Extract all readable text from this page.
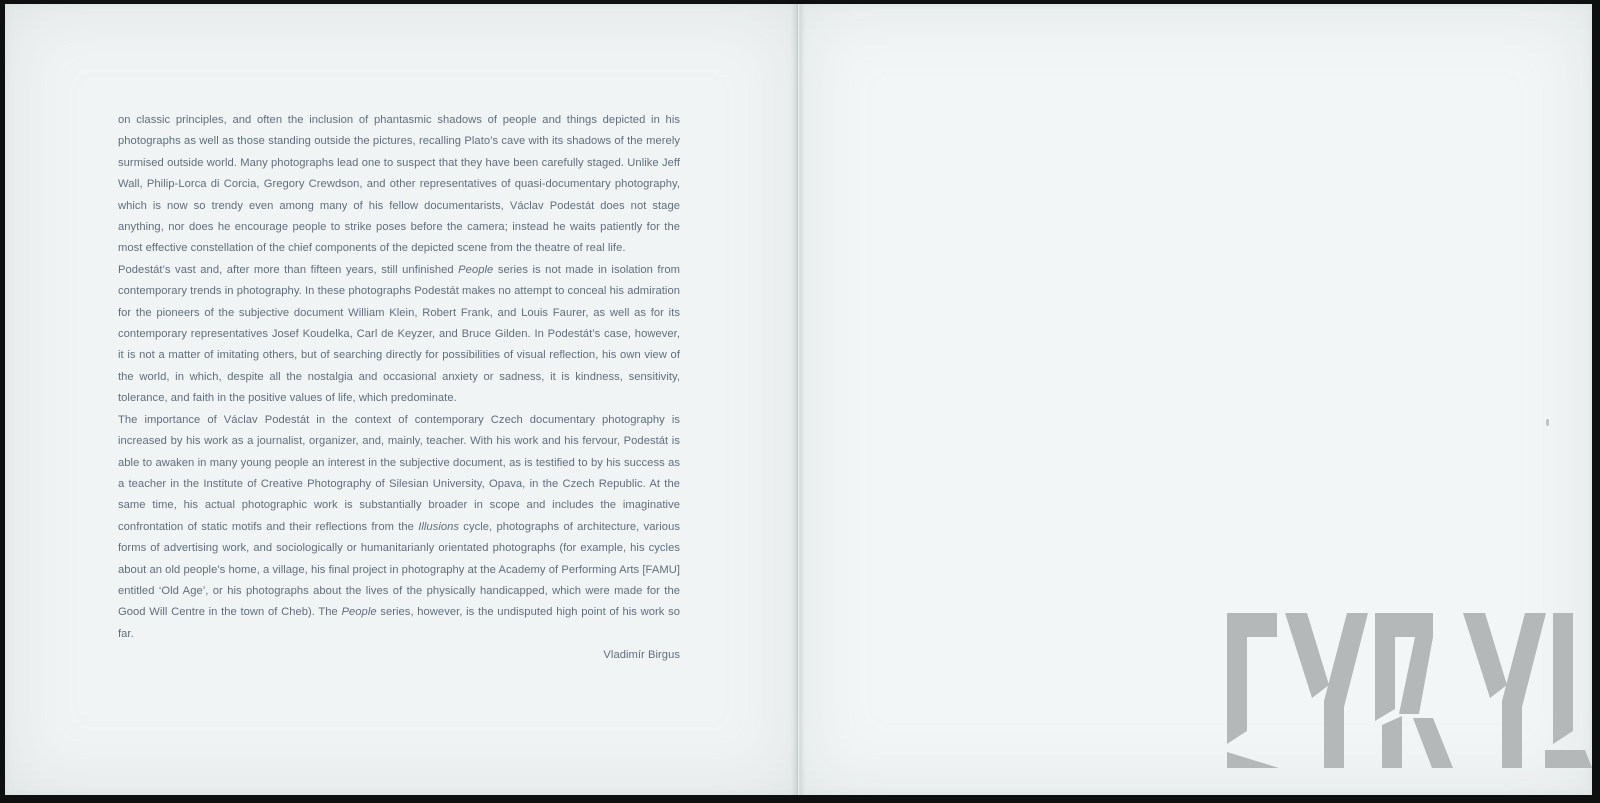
on classic principles, and often the inclusion of phantasmic shadows of people and things depicted in his photographs as well as those standing outside the pictures, recalling Plato’s cave with its shadows of the merely surmised outside world. Many photographs lead one to suspect that they have been carefully staged. Unlike Jeff Wall, Philip-Lorca di Corcia, Gregory Crewdson, and other representatives of quasi-documentary photography, which is now so trendy even among many of his fellow documentarists, Václav Podestát does not stage anything, nor does he encourage people to strike poses before the camera; instead he waits patiently for the most effective constellation of the chief components of the depicted scene from the theatre of real life.

Podestát’s vast and, after more than fifteen years, still unfinished People series is not made in isolation from contemporary trends in photography. In these photographs Podestát makes no attempt to conceal his admiration for the pioneers of the subjective document William Klein, Robert Frank, and Louis Faurer, as well as for its contemporary representatives Josef Koudelka, Carl de Keyzer, and Bruce Gilden. In Podestát’s case, however, it is not a matter of imitating others, but of searching directly for possibilities of visual reflection, his own view of the world, in which, despite all the nostalgia and occasional anxiety or sadness, it is kindness, sensitivity, tolerance, and faith in the positive values of life, which predominate.

The importance of Václav Podestát in the context of contemporary Czech documentary photography is increased by his work as a journalist, organizer, and, mainly, teacher. With his work and his fervour, Podestát is able to awaken in many young people an interest in the subjective document, as is testified to by his success as a teacher in the Institute of Creative Photography of Silesian University, Opava, in the Czech Republic. At the same time, his actual photographic work is substantially broader in scope and includes the imaginative confrontation of static motifs and their reflections from the Illusions cycle, photographs of architecture, various forms of advertising work, and sociologically or humanitarianly orientated photographs (for example, his cycles about an old people’s home, a village, his final project in photography at the Academy of Performing Arts [FAMU] entitled ‘Old Age’, or his photographs about the lives of the physically handicapped, which were made for the Good Will Centre in the town of Cheb). The People series, however, is the undisputed high point of his work so far.

Vladimír Birgus
